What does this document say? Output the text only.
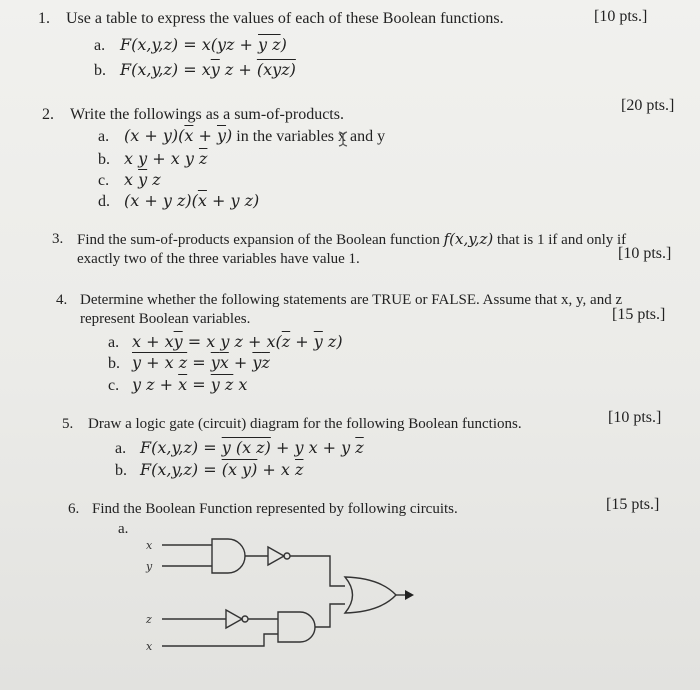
1. Use a table to express the values of each of these Boolean functions.	[10 pts.]
a. F(x,y,z) = x(yz + y z)
b. $F(x,y,z) = x\overline{y}$ z + (xyz)
2. Write the followings as a sum-of-products.
[20 pts.]
a. $(x + y)(\overline{x} + \overline{y})$ in the variables x and y
b. x y + x y $\overline{z}$
c. x $\overline{y}$ z
d. (x + y $z)(\overline{x} + y$ z)
3. Find the sum-of-products expansion of the Boolean function f(x,y,z) that is 1 if and only if
exactly two of the three variables have value 1.	[10 pts.]
4. Determine whether the following statements are TRUE or FALSE. Assume that x, y, and z
represent Boolean variables.	[15 pts.]
a. $x + x\overline{y} = x$ y $z + x(\overline{z} + \overline{y}$ z)
b. y + x $z = \overline{y}\overline{x} + \overline{y}\overline{z}$
c. y $z + \overline{x} = y$ z x
5. Draw a logic gate (circuit) diagram for the following Boolean functions.	[10 pts.]
a. F(x,y,z) = y (x z) + y x + y $\overline{z}$
b. F(x,y,z) = (x y) + x $\overline{z}$
6. Find the Boolean Function represented by following circuits.	[15 pts.]
a.
x
y
z
x
